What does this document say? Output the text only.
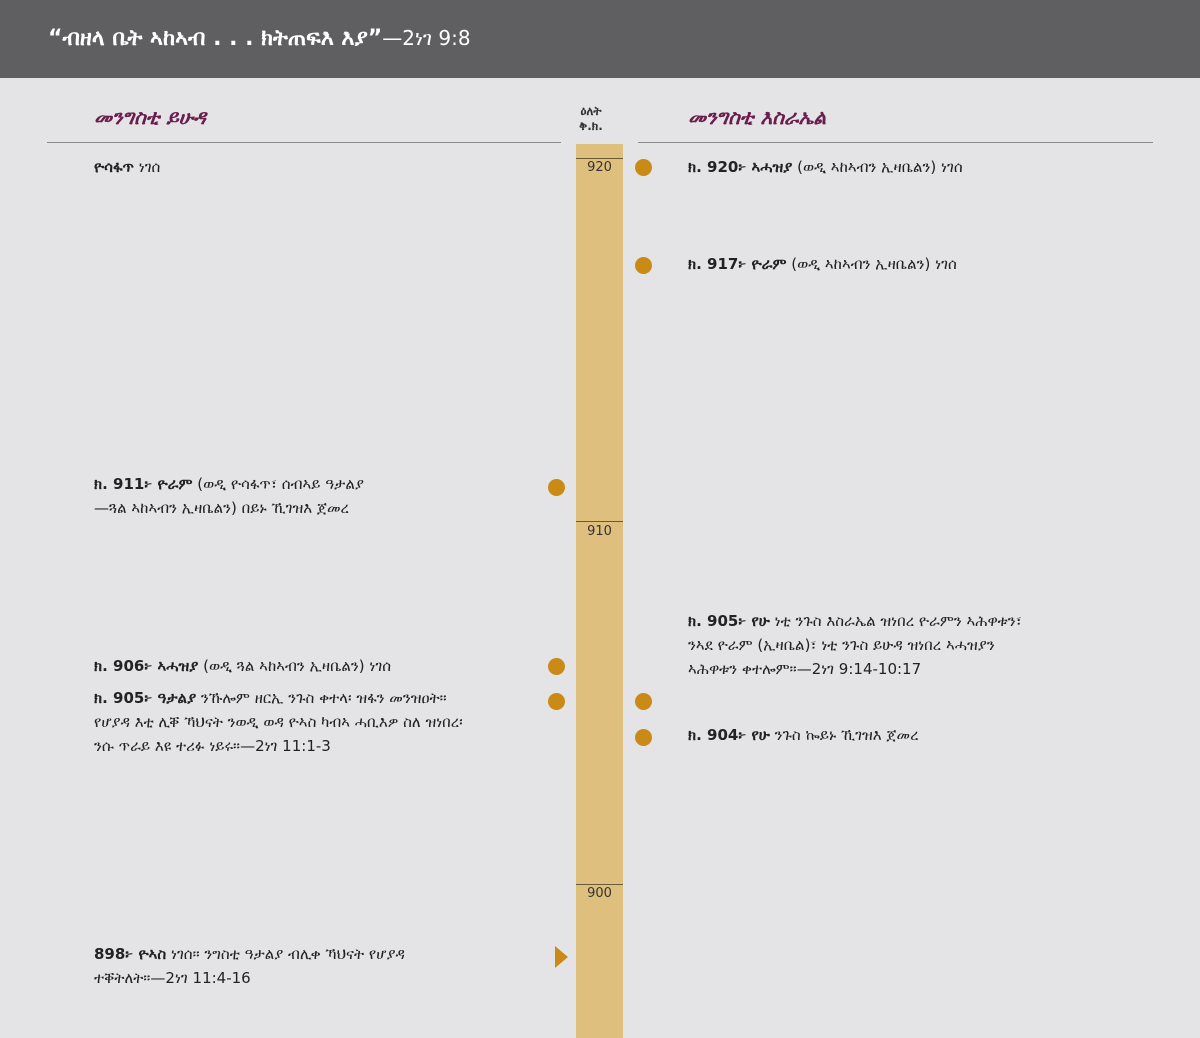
“ብዘላ ቤት ኣከኣብ . . . ክትጠፍእ እያ”—2ነገ 9:8
መንግስቲ ይሁዳ	መንግስቲ እስራኤል
ዕለት
ቅ.ክ.
920
910
900
ዮሳፋጥ ነገሰ
ክ. 911፦ ዮራም (ወዲ ዮሳፋጥ፣ ሰብኣይ ዓታልያ
—ጓል ኣከኣብን ኢዛቤልን) በይኑ ኺገዝእ ጀመረ
ክ. 906፦ ኣሓዝያ (ወዲ ጓል ኣከኣብን ኢዛቤልን) ነገሰ
ክ. 905፦ ዓታልያ ንኹሎም ዘርኢ ንጉስ ቀተላ፡ ዝፋን መንዝዐት።
የሆያዳ እቲ ሊቐ ኻህናት ንወዲ ወዳ ዮኣስ ካብኣ ሓቢእዎ ስለ ዝነበረ፡
ንሱ ጥራይ እዩ ተሪፉ ነይሩ።—2ነገ 11:1-3
898፦ ዮኣስ ነገሰ። ንግስቲ ዓታልያ ብሊቀ ኻህናት የሆያዳ
ተቐትለት።—2ነገ 11:4-16
ክ. 920፦ ኣሓዝያ (ወዲ ኣከኣብን ኢዛቤልን) ነገሰ
ክ. 917፦ ዮራም (ወዲ ኣከኣብን ኢዛቤልን) ነገሰ
ክ. 905፦ የሁ ነቲ ንጉስ እስራኤል ዝነበረ ዮራምን ኣሕዋቱን፣
ንኣደ ዮራም (ኢዛቤል)፣ ነቲ ንጉስ ይሁዳ ዝነበረ ኣሓዝያን
ኣሕዋቱን ቀተሎም።—2ነገ 9:14-10:17
ክ. 904፦ የሁ ንጉስ ኰይኑ ኺገዝእ ጀመረ
